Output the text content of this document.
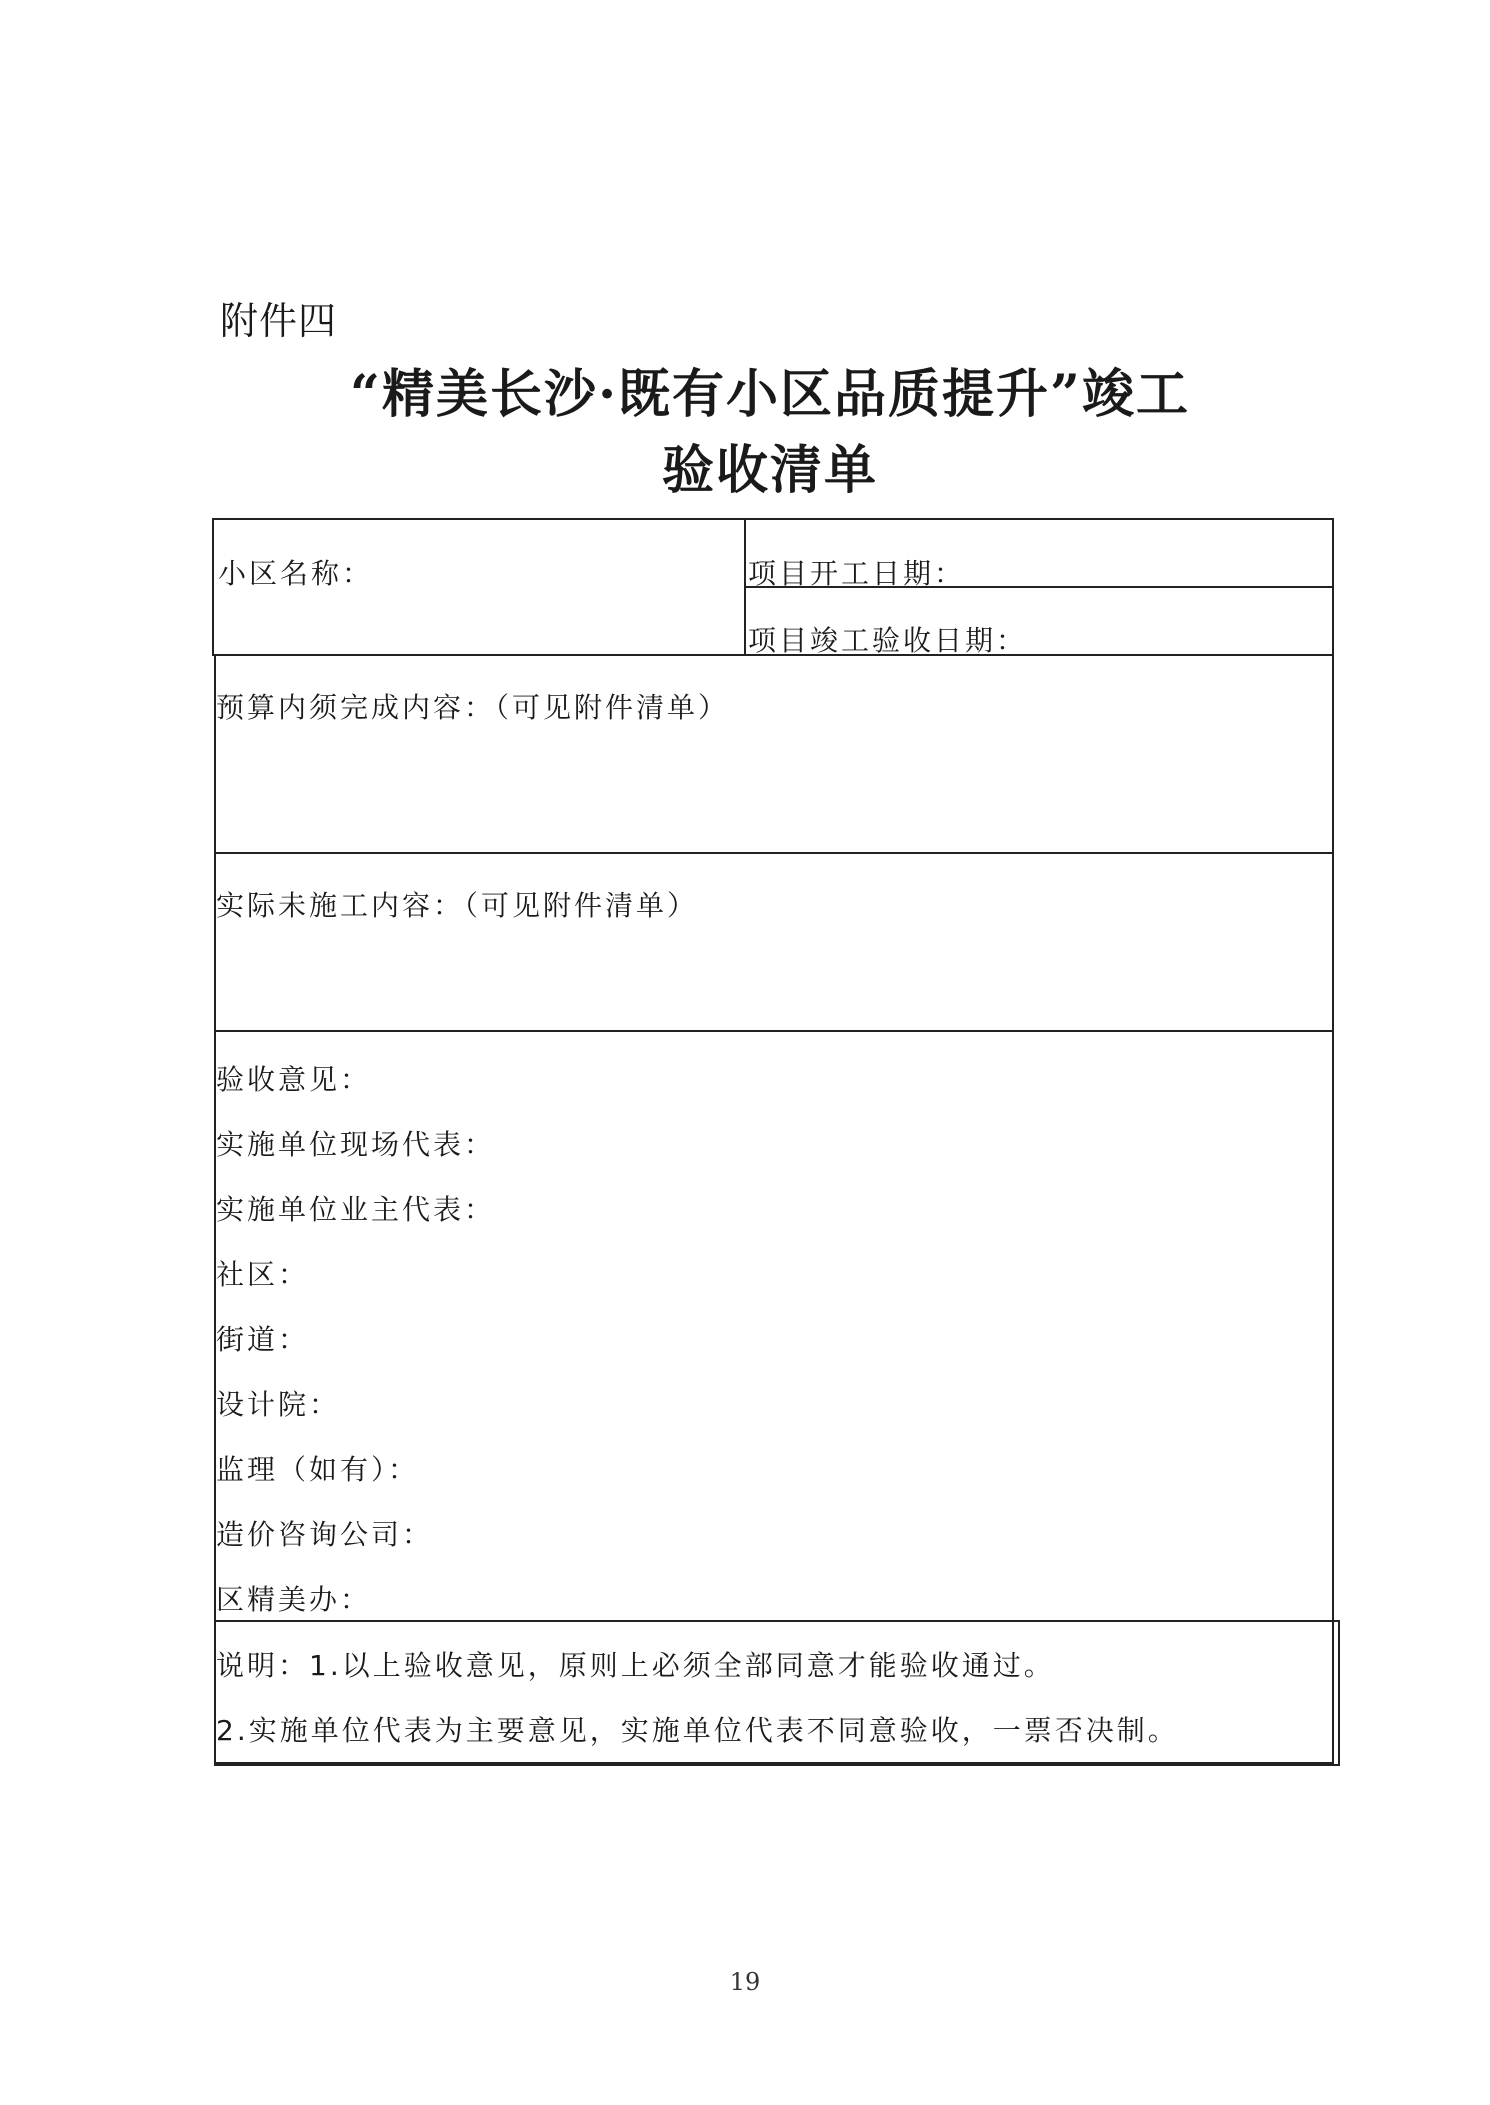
附件四
“精美长沙·既有小区品质提升”竣工
验收清单
小区名称：	项目开工日期：
项目竣工验收日期：
预算内须完成内容：（可见附件清单）
实际未施工内容：（可见附件清单）
验收意见：
实施单位现场代表：
实施单位业主代表：
社区：
街道：
设计院：
监理（如有）：
造价咨询公司：
区精美办：
说明：1.以上验收意见，原则上必须全部同意才能验收通过。
2.实施单位代表为主要意见，实施单位代表不同意验收，一票否决制。
19
